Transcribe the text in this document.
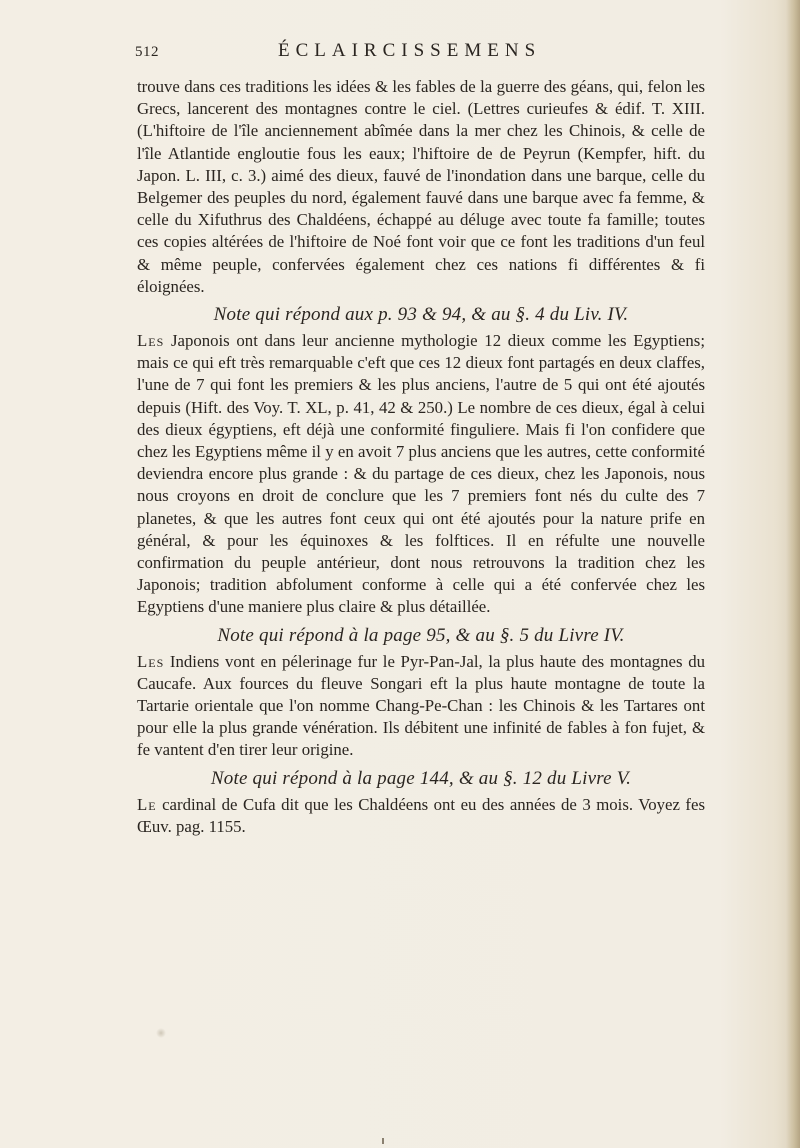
512	ÉCLAIRCISSEMENS

trouve dans ces traditions les idées & les fables de la guerre des géans, qui, felon les Grecs, lancerent des montagnes contre le ciel. (Lettres curieufes & édif. T. XIII. (L'hiftoire de l'île anciennement abîmée dans la mer chez les Chinois, & celle de l'île Atlantide engloutie fous les eaux; l'hiftoire de de Peyrun (Kempfer, hift. du Japon. L. III, c. 3.) aimé des dieux, fauvé de l'inondation dans une barque, celle du Belgemer des peuples du nord, également fauvé dans une barque avec fa femme, & celle du Xifuthrus des Chaldéens, échappé au déluge avec toute fa famille; toutes ces copies altérées de l'hiftoire de Noé font voir que ce font les traditions d'un feul & même peuple, confervées également chez ces nations fi différentes & fi éloignées.

Note qui répond aux p. 93 & 94, & au §. 4 du Liv. IV.

Les Japonois ont dans leur ancienne mythologie 12 dieux comme les Egyptiens; mais ce qui eft très remarquable c'eft que ces 12 dieux font partagés en deux claffes, l'une de 7 qui font les premiers & les plus anciens, l'autre de 5 qui ont été ajoutés depuis (Hift. des Voy. T. XL, p. 41, 42 & 250.) Le nombre de ces dieux, égal à celui des dieux égyptiens, eft déjà une conformité finguliere. Mais fi l'on confidere que chez les Egyptiens même il y en avoit 7 plus anciens que les autres, cette conformité deviendra encore plus grande : & du partage de ces dieux, chez les Japonois, nous nous croyons en droit de conclure que les 7 premiers font nés du culte des 7 planetes, & que les autres font ceux qui ont été ajoutés pour la nature prife en général, & pour les équinoxes & les folftices. Il en réfulte une nouvelle confirmation du peuple antérieur, dont nous retrouvons la tradition chez les Japonois; tradition abfolument conforme à celle qui a été confervée chez les Egyptiens d'une maniere plus claire & plus détaillée.

Note qui répond à la page 95, & au §. 5 du Livre IV.

Les Indiens vont en pélerinage fur le Pyr-Pan-Jal, la plus haute des montagnes du Caucafe. Aux fources du fleuve Songari eft la plus haute montagne de toute la Tartarie orientale que l'on nomme Chang-Pe-Chan : les Chinois & les Tartares ont pour elle la plus grande vénération. Ils débitent une infinité de fables à fon fujet, & fe vantent d'en tirer leur origine.

Note qui répond à la page 144, & au §. 12 du Livre V.

Le cardinal de Cufa dit que les Chaldéens ont eu des années de 3 mois. Voyez fes Œuv. pag. 1155.
